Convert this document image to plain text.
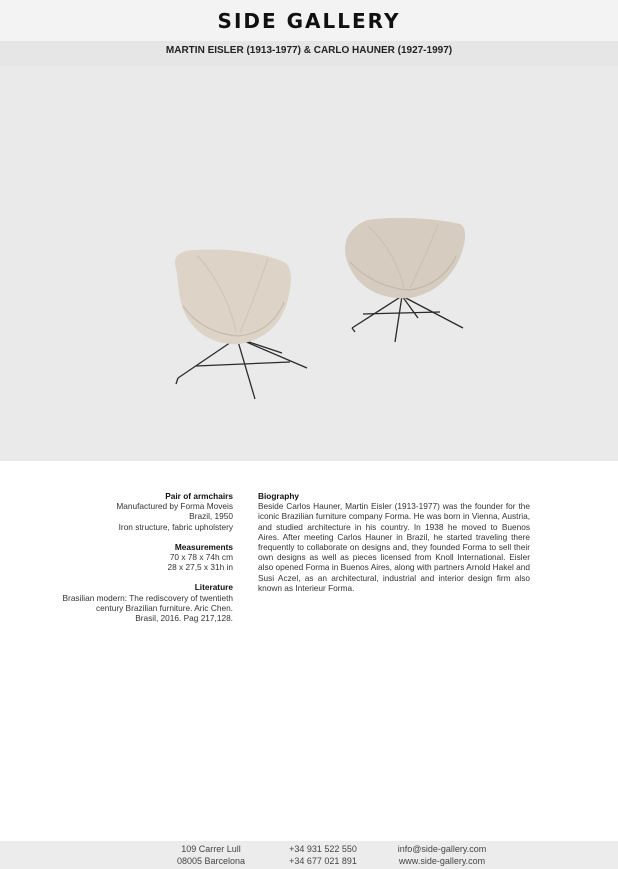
SIDE GALLERY
MARTIN EISLER (1913-1977) & CARLO HAUNER (1927-1997)
Pair of armchairs
Manufactured by Forma Moveis
Brazil, 1950
Iron structure, fabric upholstery
Measurements
70 x 78 x 74h cm
28 x 27,5 x 31h in
Literature
Brasilian modern: The rediscovery of twentieth
century Brazilian furniture. Aric Chen.
Brasil, 2016. Pag 217,128.
Biography
Beside Carlos Hauner, Martin Eisler (1913-1977) was the founder for the iconic Brazilian furniture company Forma. He was born in Vienna, Austria, and studied architecture in his country. In 1938 he moved to Buenos Aires. After meeting Carlos Hauner in Brazil, he started traveling there frequently to collaborate on designs and, they founded Forma to sell their own designs as well as pieces licensed from Knoll International. Eisler also opened Forma in Buenos Aires, along with partners Arnold Hakel and Susi Aczel, as an architectural, industrial and interior design firm also known as Interieur Forma.
109 Carrer Lull
08005 Barcelona
+34 931 522 550
+34 677 021 891
info@side-gallery.com
www.side-gallery.com
